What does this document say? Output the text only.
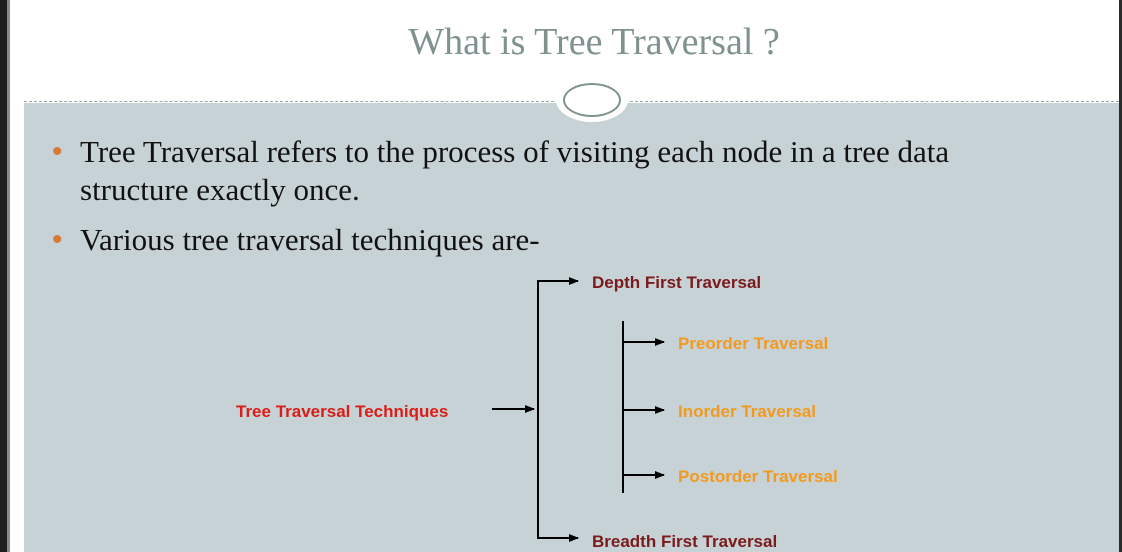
What is Tree Traversal ?
• Tree Traversal refers to the process of visiting each node in a tree data
structure exactly once.
• Various tree traversal techniques are-
Tree Traversal Techniques
Depth First Traversal
Breadth First Traversal
Preorder Traversal
Inorder Traversal
Postorder Traversal
